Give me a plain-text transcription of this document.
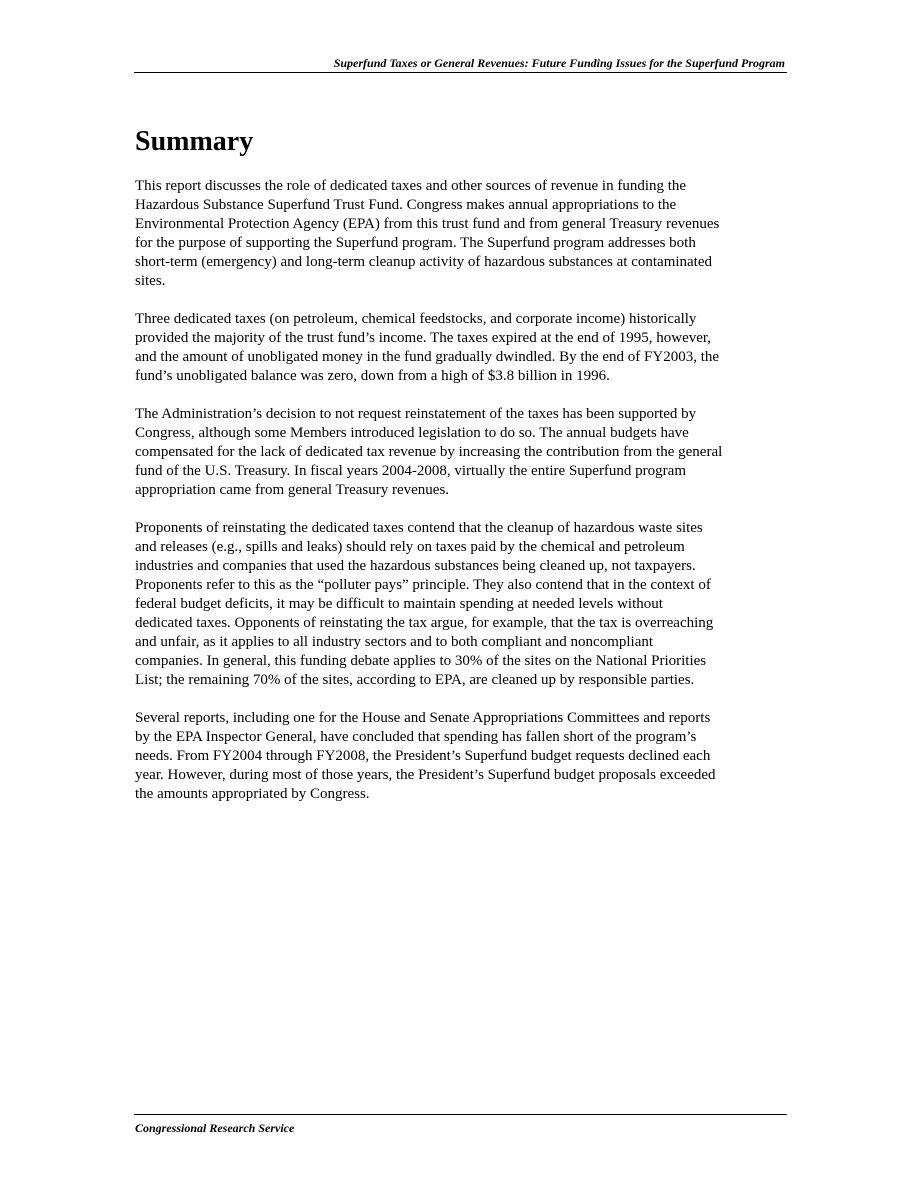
Superfund Taxes or General Revenues: Future Funding Issues for the Superfund Program
Summary

This report discusses the role of dedicated taxes and other sources of revenue in funding the
Hazardous Substance Superfund Trust Fund. Congress makes annual appropriations to the
Environmental Protection Agency (EPA) from this trust fund and from general Treasury revenues
for the purpose of supporting the Superfund program. The Superfund program addresses both
short-term (emergency) and long-term cleanup activity of hazardous substances at contaminated
sites.

Three dedicated taxes (on petroleum, chemical feedstocks, and corporate income) historically
provided the majority of the trust fund’s income. The taxes expired at the end of 1995, however,
and the amount of unobligated money in the fund gradually dwindled. By the end of FY2003, the
fund’s unobligated balance was zero, down from a high of $3.8 billion in 1996.

The Administration’s decision to not request reinstatement of the taxes has been supported by
Congress, although some Members introduced legislation to do so. The annual budgets have
compensated for the lack of dedicated tax revenue by increasing the contribution from the general
fund of the U.S. Treasury. In fiscal years 2004-2008, virtually the entire Superfund program
appropriation came from general Treasury revenues.

Proponents of reinstating the dedicated taxes contend that the cleanup of hazardous waste sites
and releases (e.g., spills and leaks) should rely on taxes paid by the chemical and petroleum
industries and companies that used the hazardous substances being cleaned up, not taxpayers.
Proponents refer to this as the “polluter pays” principle. They also contend that in the context of
federal budget deficits, it may be difficult to maintain spending at needed levels without
dedicated taxes. Opponents of reinstating the tax argue, for example, that the tax is overreaching
and unfair, as it applies to all industry sectors and to both compliant and noncompliant
companies. In general, this funding debate applies to 30% of the sites on the National Priorities
List; the remaining 70% of the sites, according to EPA, are cleaned up by responsible parties.

Several reports, including one for the House and Senate Appropriations Committees and reports
by the EPA Inspector General, have concluded that spending has fallen short of the program’s
needs. From FY2004 through FY2008, the President’s Superfund budget requests declined each
year. However, during most of those years, the President’s Superfund budget proposals exceeded
the amounts appropriated by Congress.

Congressional Research Service
